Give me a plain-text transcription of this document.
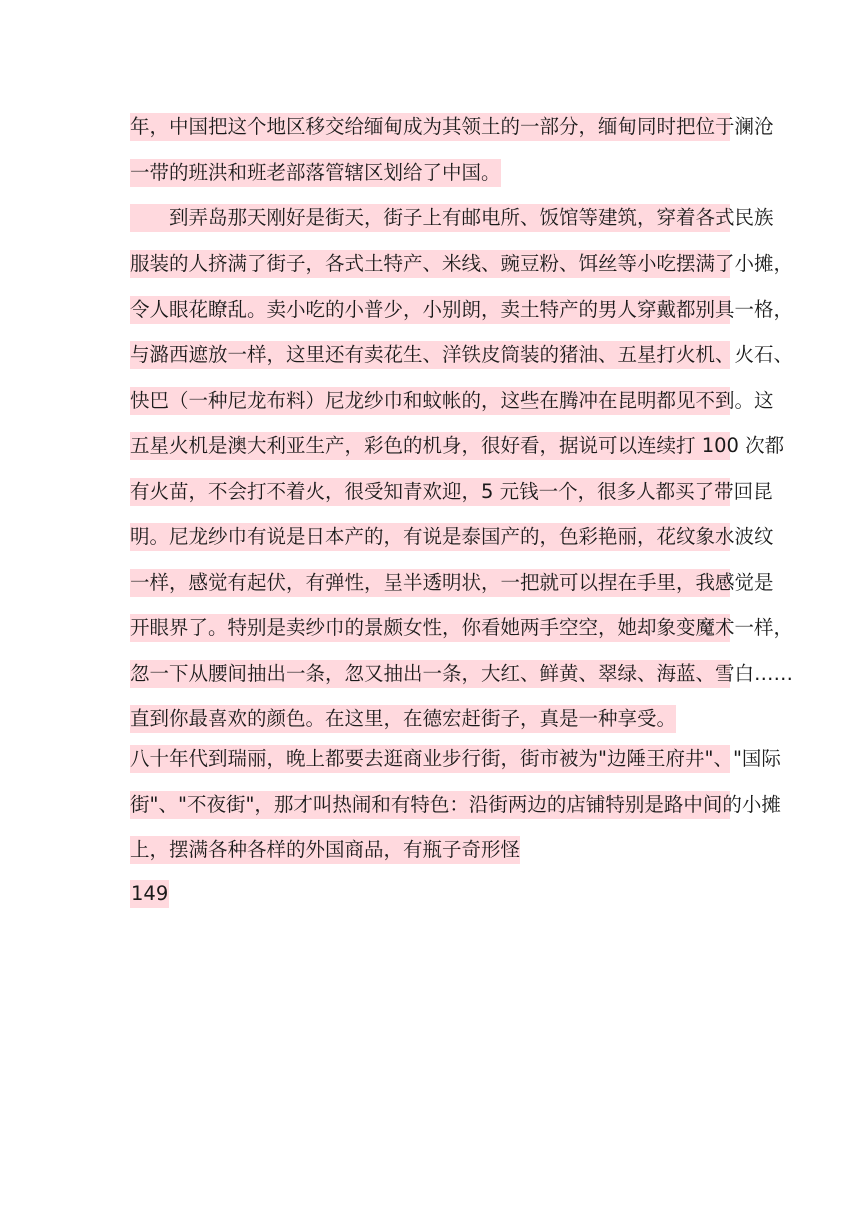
年，中国把这个地区移交给缅甸成为其领土的一部分，缅甸同时把位于澜沧
一带的班洪和班老部落管辖区划给了中国。
到弄岛那天刚好是街天，街子上有邮电所、饭馆等建筑，穿着各式民族
服装的人挤满了街子，各式土特产、米线、豌豆粉、饵丝等小吃摆满了小摊，
令人眼花瞭乱。卖小吃的小普少，小别朗，卖土特产的男人穿戴都别具一格，
与潞西遮放一样，这里还有卖花生、洋铁皮筒装的猪油、五星打火机、火石、
快巴（一种尼龙布料）尼龙纱巾和蚊帐的，这些在腾冲在昆明都见不到。这
五星火机是澳大利亚生产，彩色的机身，很好看，据说可以连续打 100 次都
有火苗，不会打不着火，很受知青欢迎，5 元钱一个，很多人都买了带回昆
明。尼龙纱巾有说是日本产的，有说是泰国产的，色彩艳丽，花纹象水波纹
一样，感觉有起伏，有弹性，呈半透明状，一把就可以捏在手里，我感觉是
开眼界了。特别是卖纱巾的景颇女性，你看她两手空空，她却象变魔术一样，
忽一下从腰间抽出一条，忽又抽出一条，大红、鲜黄、翠绿、海蓝、雪白……
直到你最喜欢的颜色。在这里，在德宏赶街子，真是一种享受。
八十年代到瑞丽，晚上都要去逛商业步行街，街市被为"边陲王府井"、"国际
街"、"不夜街"，那才叫热闹和有特色：沿街两边的店铺特别是路中间的小摊
上，摆满各种各样的外国商品，有瓶子奇形怪
149
